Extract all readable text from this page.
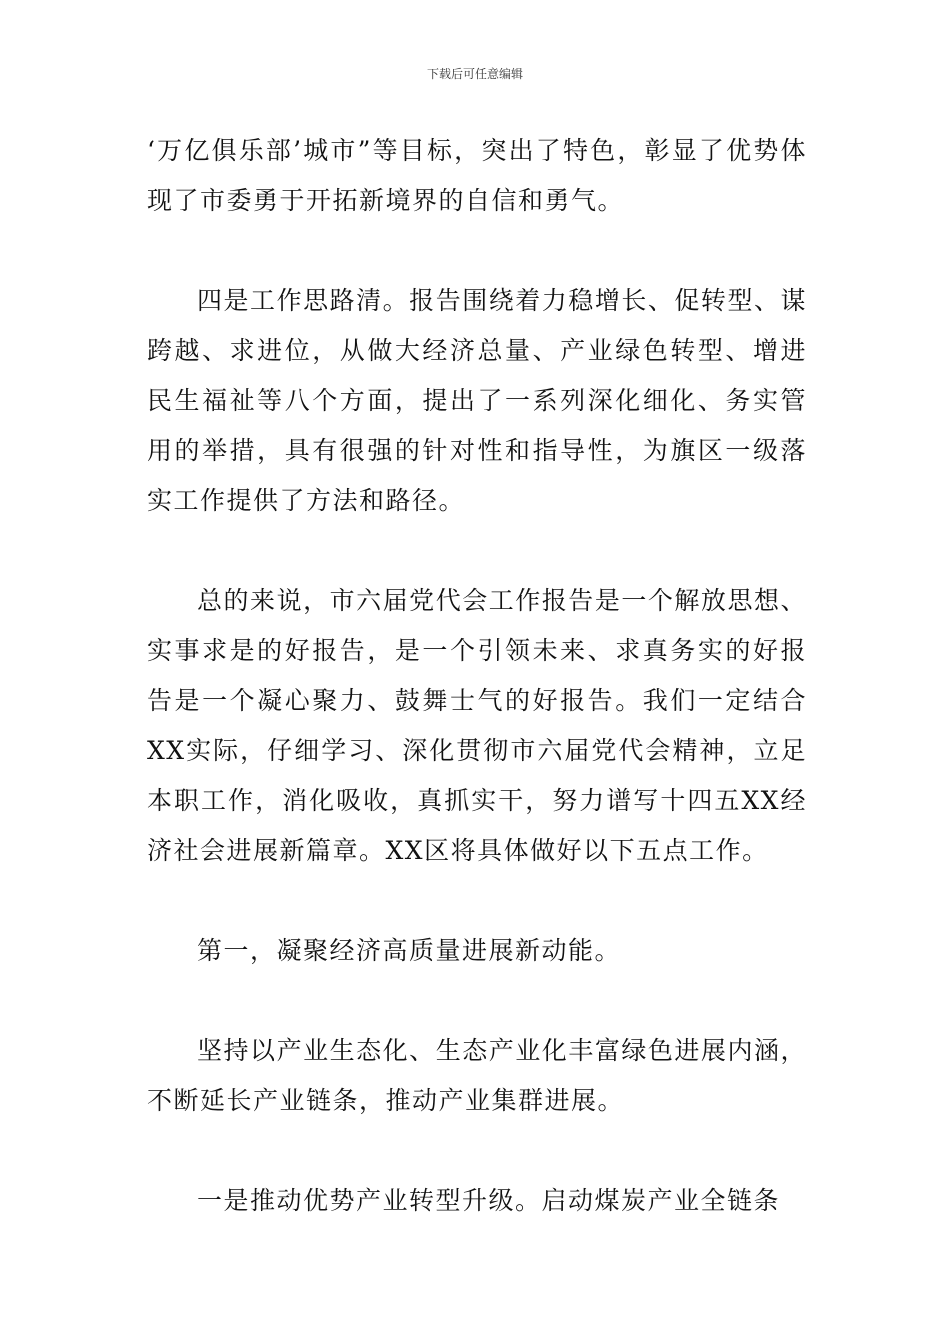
下载后可任意编辑

‘万亿俱乐部’城市”等目标，突出了特色，彰显了优势体现了市委勇于开拓新境界的自信和勇气。

四是工作思路清。报告围绕着力稳增长、促转型、谋跨越、求进位，从做大经济总量、产业绿色转型、增进民生福祉等八个方面，提出了一系列深化细化、务实管用的举措，具有很强的针对性和指导性，为旗区一级落实工作提供了方法和路径。

总的来说，市六届党代会工作报告是一个解放思想、实事求是的好报告，是一个引领未来、求真务实的好报告是一个凝心聚力、鼓舞士气的好报告。我们一定结合XX实际，仔细学习、深化贯彻市六届党代会精神，立足本职工作，消化吸收，真抓实干，努力谱写十四五XX经济社会进展新篇章。XX区将具体做好以下五点工作。

第一，凝聚经济高质量进展新动能。

坚持以产业生态化、生态产业化丰富绿色进展内涵，不断延长产业链条，推动产业集群进展。

一是推动优势产业转型升级。启动煤炭产业全链条
